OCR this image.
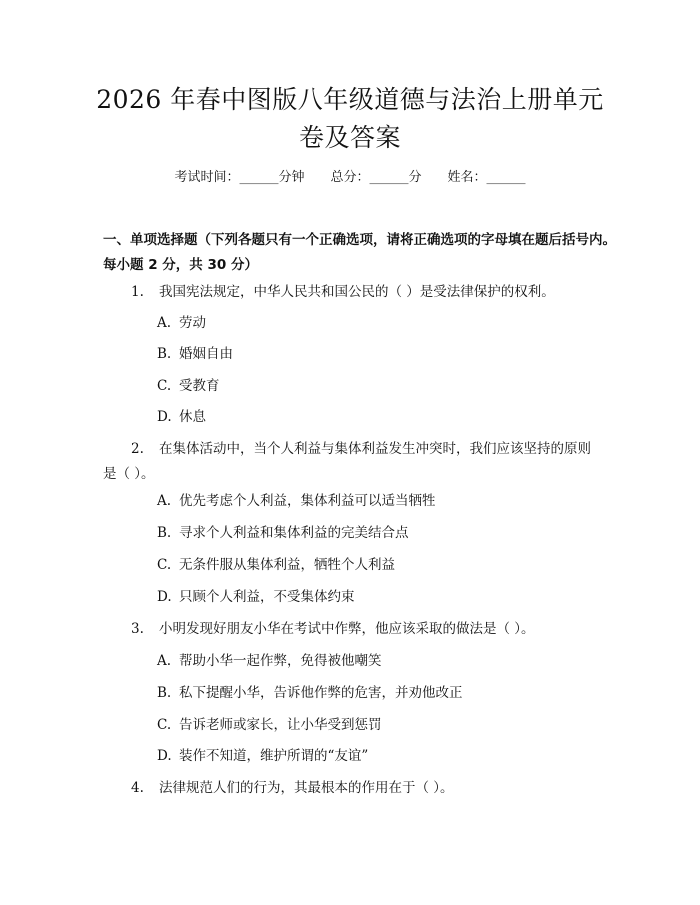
2026 年春中图版八年级道德与法治上册单元
卷及答案
考试时间：______分钟 总分：______分 姓名：______
一、单项选择题（下列各题只有一个正确选项，请将正确选项的字母填在题后括号内。每小题 2 分，共 30 分）
1. 我国宪法规定，中华人民共和国公民的（ ）是受法律保护的权利。
A. 劳动
B. 婚姻自由
C. 受教育
D. 休息
2. 在集体活动中，当个人利益与集体利益发生冲突时，我们应该坚持的原则是（ ）。
A. 优先考虑个人利益，集体利益可以适当牺牲
B. 寻求个人利益和集体利益的完美结合点
C. 无条件服从集体利益，牺牲个人利益
D. 只顾个人利益，不受集体约束
3. 小明发现好朋友小华在考试中作弊，他应该采取的做法是（ ）。
A. 帮助小华一起作弊，免得被他嘲笑
B. 私下提醒小华，告诉他作弊的危害，并劝他改正
C. 告诉老师或家长，让小华受到惩罚
D. 装作不知道，维护所谓的“友谊”
4. 法律规范人们的行为，其最根本的作用在于（ ）。
